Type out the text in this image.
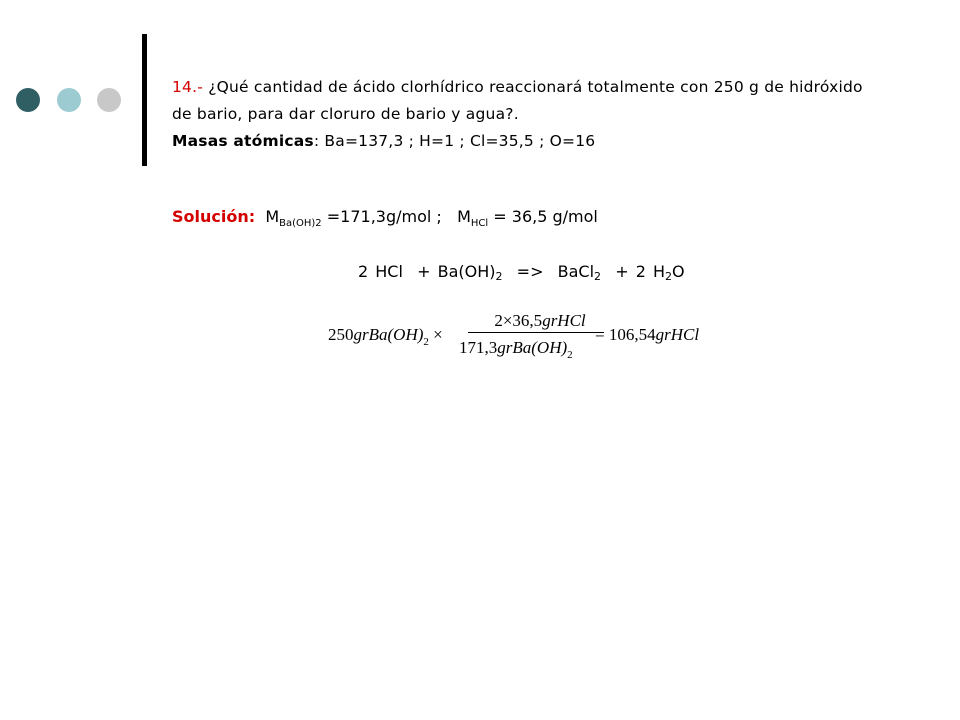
14.- ¿Qué cantidad de ácido clorhídrico reaccionará totalmente con 250 g de hidróxido de bario, para dar cloruro de bario y agua?.
Masas atómicas: Ba=137,3 ; H=1 ; Cl=35,5 ; O=16
Solución: $M_{Ba(OH)2} =171,3g/mol$ ; $M_{HCl} = 36,5$ g/mol
2 HCl + $Ba(OH)_2$ => BaCl$_2$ + 2 $H_2O$
$250grBa(OH)_2$ ×
2×36,5grHCl
$171,3grBa(OH)_2$
= 106,54grHCl
